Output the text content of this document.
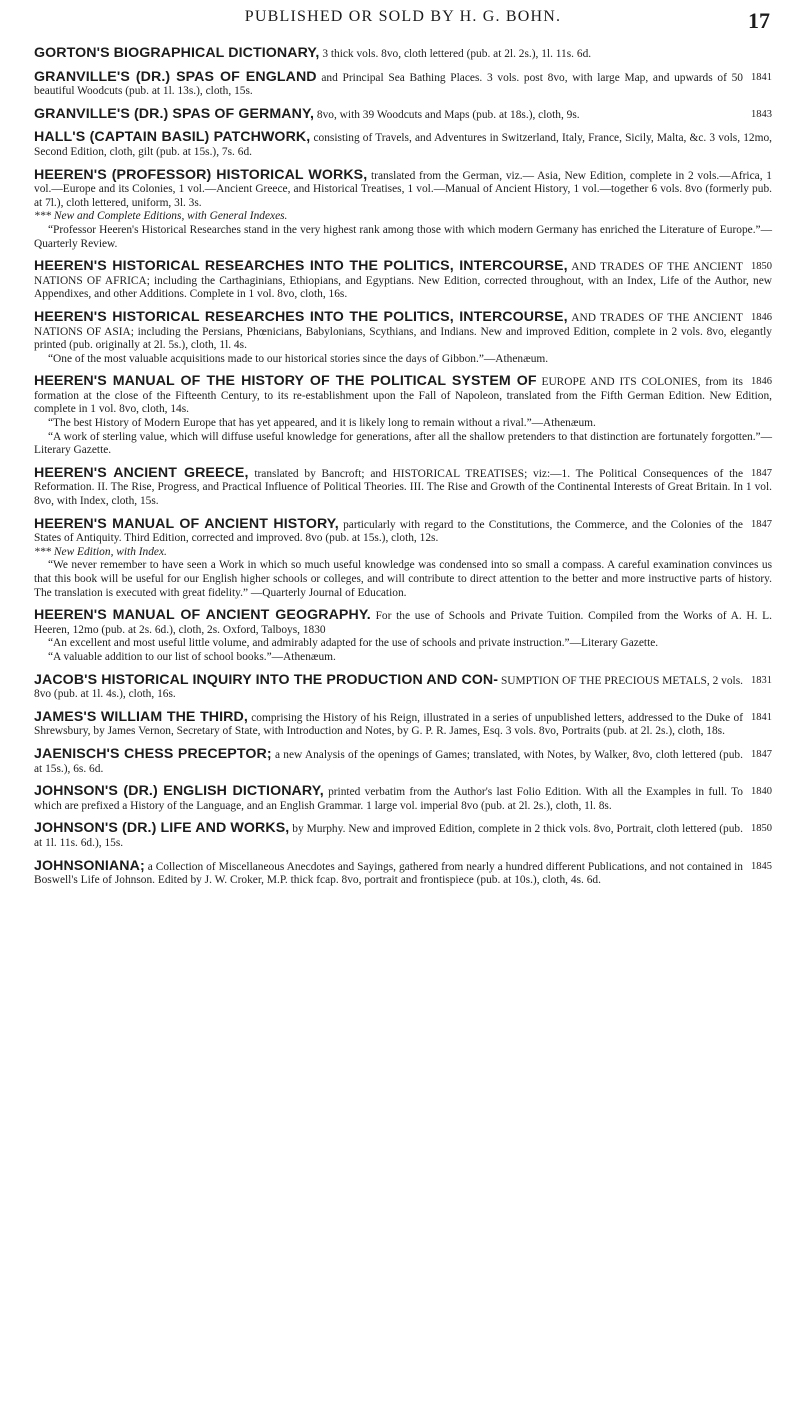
PUBLISHED OR SOLD BY H. G. BOHN.	17
GORTON'S BIOGRAPHICAL DICTIONARY, 3 thick vols. 8vo, cloth lettered (pub. at 2l. 2s.), 1l. 11s. 6d.
1841
GRANVILLE'S (DR.) SPAS OF ENGLAND and Principal Sea Bathing Places. 3 vols. post 8vo, with large Map, and upwards of 50 beautiful Woodcuts (pub. at 1l. 13s.), cloth, 15s.
1843
GRANVILLE'S (DR.) SPAS OF GERMANY, 8vo, with 39 Woodcuts and Maps (pub. at 18s.), cloth, 9s.
HALL'S (CAPTAIN BASIL) PATCHWORK, consisting of Travels, and Adventures in Switzerland, Italy, France, Sicily, Malta, &c. 3 vols, 12mo, Second Edition, cloth, gilt (pub. at 15s.), 7s. 6d.
HEEREN'S (PROFESSOR) HISTORICAL WORKS, translated from the German, viz.— Asia, New Edition, complete in 2 vols.—Africa, 1 vol.—Europe and its Colonies, 1 vol.—Ancient Greece, and Historical Treatises, 1 vol.—Manual of Ancient History, 1 vol.—together 6 vols. 8vo (formerly pub. at 7l.), cloth lettered, uniform, 3l. 3s.

*** New and Complete Editions, with General Indexes.

“Professor Heeren's Historical Researches stand in the very highest rank among those with which modern Germany has enriched the Literature of Europe.”—Quarterly Review.
1850
HEEREN'S HISTORICAL RESEARCHES INTO THE POLITICS, INTERCOURSE, AND TRADES OF THE ANCIENT NATIONS OF AFRICA; including the Carthaginians, Ethiopians, and Egyptians. New Edition, corrected throughout, with an Index, Life of the Author, new Appendixes, and other Additions. Complete in 1 vol. 8vo, cloth, 16s.
1846
HEEREN'S HISTORICAL RESEARCHES INTO THE POLITICS, INTERCOURSE, AND TRADES OF THE ANCIENT NATIONS OF ASIA; including the Persians, Phœnicians, Babylonians, Scythians, and Indians. New and improved Edition, complete in 2 vols. 8vo, elegantly printed (pub. originally at 2l. 5s.), cloth, 1l. 4s.
“One of the most valuable acquisitions made to our historical stories since the days of Gibbon.”—Athenæum.
1846
HEEREN'S MANUAL OF THE HISTORY OF THE POLITICAL SYSTEM OF EUROPE AND ITS COLONIES, from its formation at the close of the Fifteenth Century, to its re-establishment upon the Fall of Napoleon, translated from the Fifth German Edition. New Edition, complete in 1 vol. 8vo, cloth, 14s.
“The best History of Modern Europe that has yet appeared, and it is likely long to remain without a rival.”—Athenæum.
“A work of sterling value, which will diffuse useful knowledge for generations, after all the shallow pretenders to that distinction are fortunately forgotten.”—Literary Gazette.
1847
HEEREN'S ANCIENT GREECE, translated by Bancroft; and HISTORICAL TREATISES; viz:—1. The Political Consequences of the Reformation. II. The Rise, Progress, and Practical Influence of Political Theories. III. The Rise and Growth of the Continental Interests of Great Britain. In 1 vol. 8vo, with Index, cloth, 15s.
1847
HEEREN'S MANUAL OF ANCIENT HISTORY, particularly with regard to the Constitutions, the Commerce, and the Colonies of the States of Antiquity. Third Edition, corrected and improved. 8vo (pub. at 15s.), cloth, 12s.

*** New Edition, with Index.

“We never remember to have seen a Work in which so much useful knowledge was condensed into so small a compass. A careful examination convinces us that this book will be useful for our English higher schools or colleges, and will contribute to direct attention to the better and more instructive parts of history. The translation is executed with great fidelity.” —Quarterly Journal of Education.
HEEREN'S MANUAL OF ANCIENT GEOGRAPHY. For the use of Schools and Private Tuition. Compiled from the Works of A. H. L. Heeren, 12mo (pub. at 2s. 6d.), cloth, 2s. Oxford, Talboys, 1830
“An excellent and most useful little volume, and admirably adapted for the use of schools and private instruction.”—Literary Gazette.
“A valuable addition to our list of school books.”—Athenæum.
1831
JACOB'S HISTORICAL INQUIRY INTO THE PRODUCTION AND CON- SUMPTION OF THE PRECIOUS METALS, 2 vols. 8vo (pub. at 1l. 4s.), cloth, 16s.
1841
JAMES'S WILLIAM THE THIRD, comprising the History of his Reign, illustrated in a series of unpublished letters, addressed to the Duke of Shrewsbury, by James Vernon, Secretary of State, with Introduction and Notes, by G. P. R. James, Esq. 3 vols. 8vo, Portraits (pub. at 2l. 2s.), cloth, 18s.
1847
JAENISCH'S CHESS PRECEPTOR; a new Analysis of the openings of Games; translated, with Notes, by Walker, 8vo, cloth lettered (pub. at 15s.), 6s. 6d.
1840
JOHNSON'S (DR.) ENGLISH DICTIONARY, printed verbatim from the Author's last Folio Edition. With all the Examples in full. To which are prefixed a History of the Language, and an English Grammar. 1 large vol. imperial 8vo (pub. at 2l. 2s.), cloth, 1l. 8s.
1850
JOHNSON'S (DR.) LIFE AND WORKS, by Murphy. New and improved Edition, complete in 2 thick vols. 8vo, Portrait, cloth lettered (pub. at 1l. 11s. 6d.), 15s.
1845
JOHNSONIANA; a Collection of Miscellaneous Anecdotes and Sayings, gathered from nearly a hundred different Publications, and not contained in Boswell's Life of Johnson. Edited by J. W. Croker, M.P. thick fcap. 8vo, portrait and frontispiece (pub. at 10s.), cloth, 4s. 6d.
